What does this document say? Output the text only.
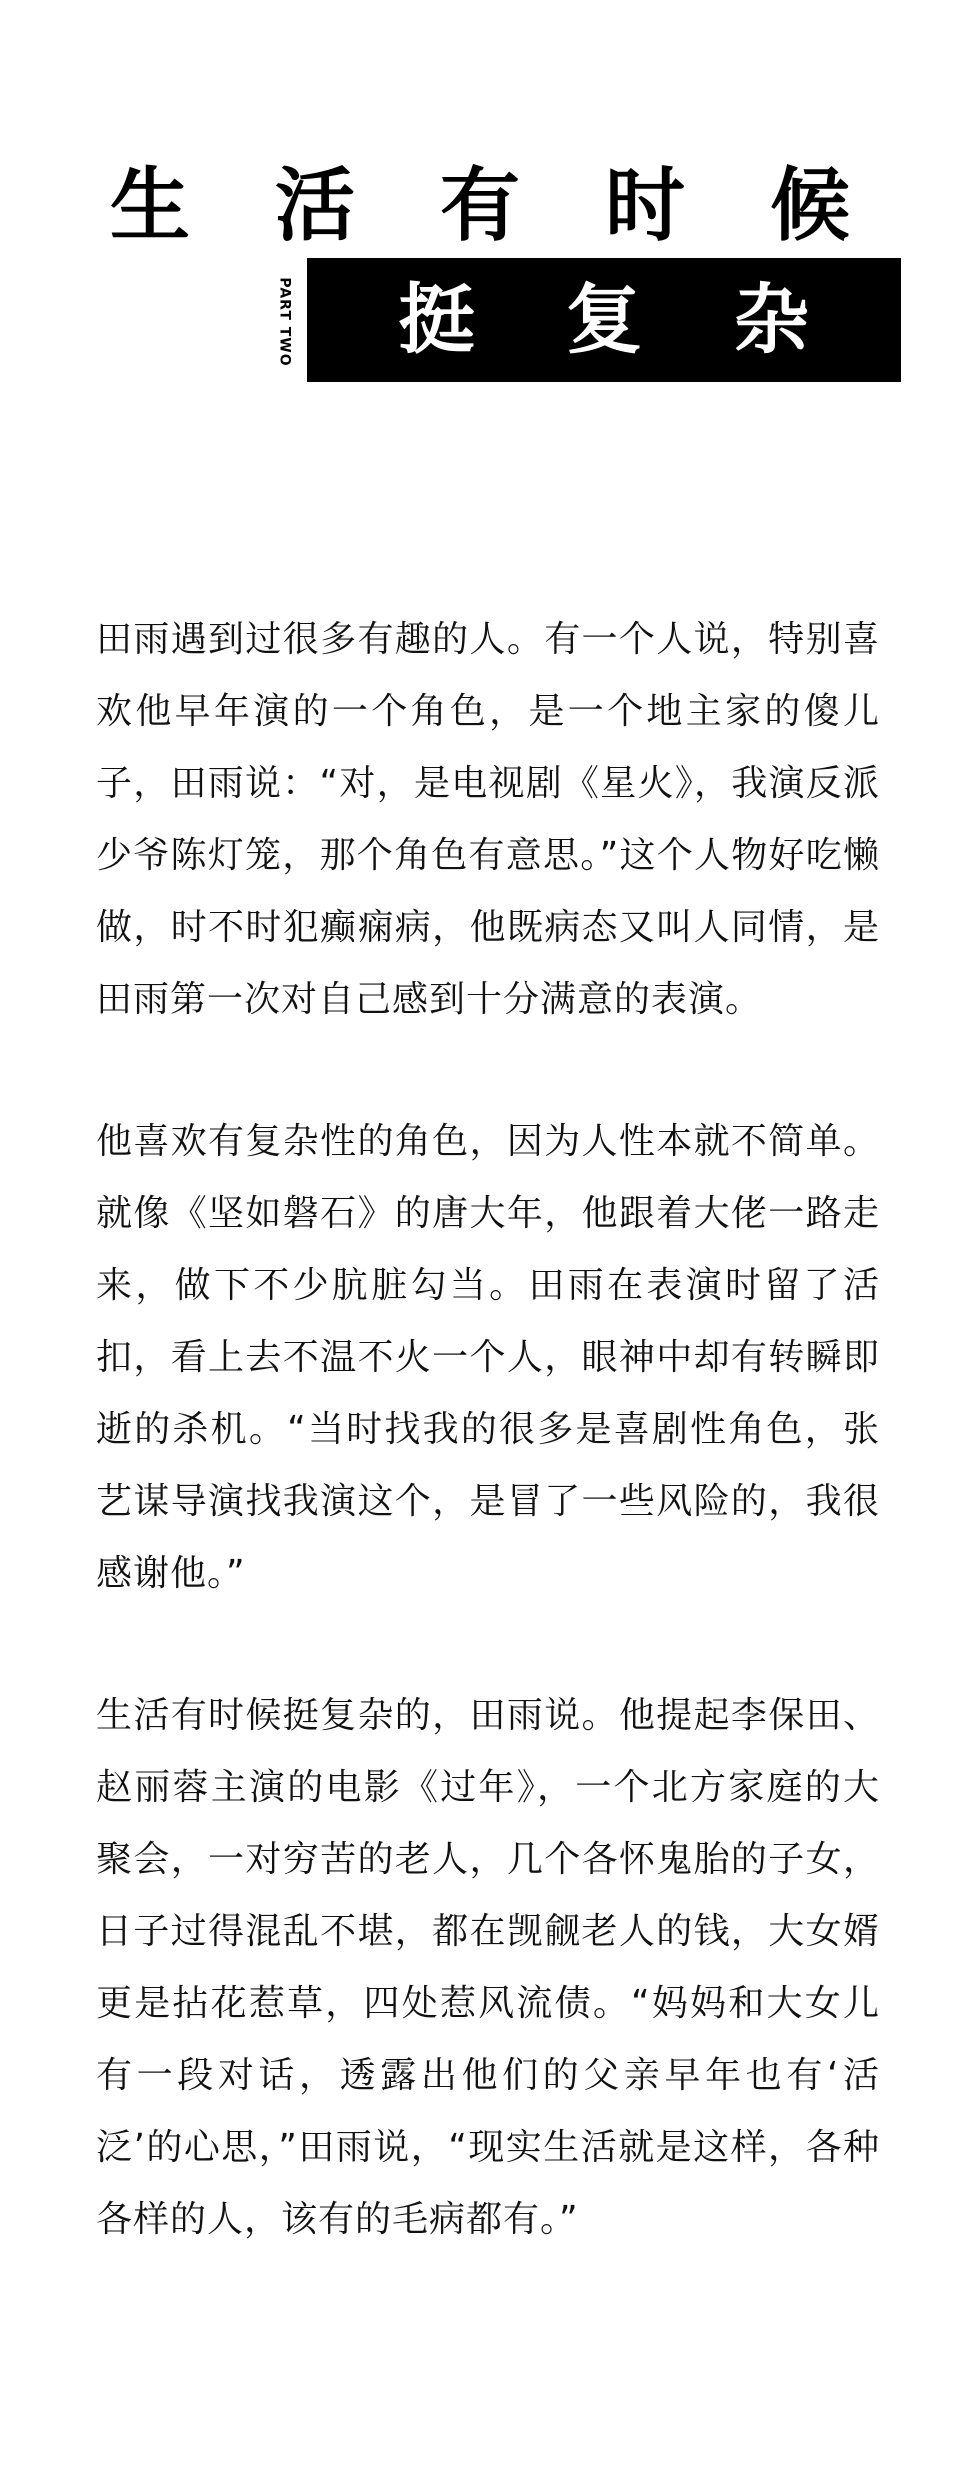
生 活 有 时 候
PART TWO 挺 复 杂

田雨遇到过很多有趣的人。有一个人说，特别喜欢他早年演的一个角色，是一个地主家的傻儿子，田雨说：“对，是电视剧《星火》，我演反派少爷陈灯笼，那个角色有意思。”这个人物好吃懒做，时不时犯癫痫病，他既病态又叫人同情，是田雨第一次对自己感到十分满意的表演。

他喜欢有复杂性的角色，因为人性本就不简单。就像《坚如磐石》的唐大年，他跟着大佬一路走来，做下不少肮脏勾当。田雨在表演时留了活扣，看上去不温不火一个人，眼神中却有转瞬即逝的杀机。“当时找我的很多是喜剧性角色，张艺谋导演找我演这个，是冒了一些风险的，我很感谢他。”

生活有时候挺复杂的，田雨说。他提起李保田、赵丽蓉主演的电影《过年》，一个北方家庭的大聚会，一对穷苦的老人，几个各怀鬼胎的子女，日子过得混乱不堪，都在觊觎老人的钱，大女婿更是拈花惹草，四处惹风流债。“妈妈和大女儿有一段对话，透露出他们的父亲早年也有‘活泛’的心思，”田雨说，“现实生活就是这样，各种各样的人，该有的毛病都有。”
